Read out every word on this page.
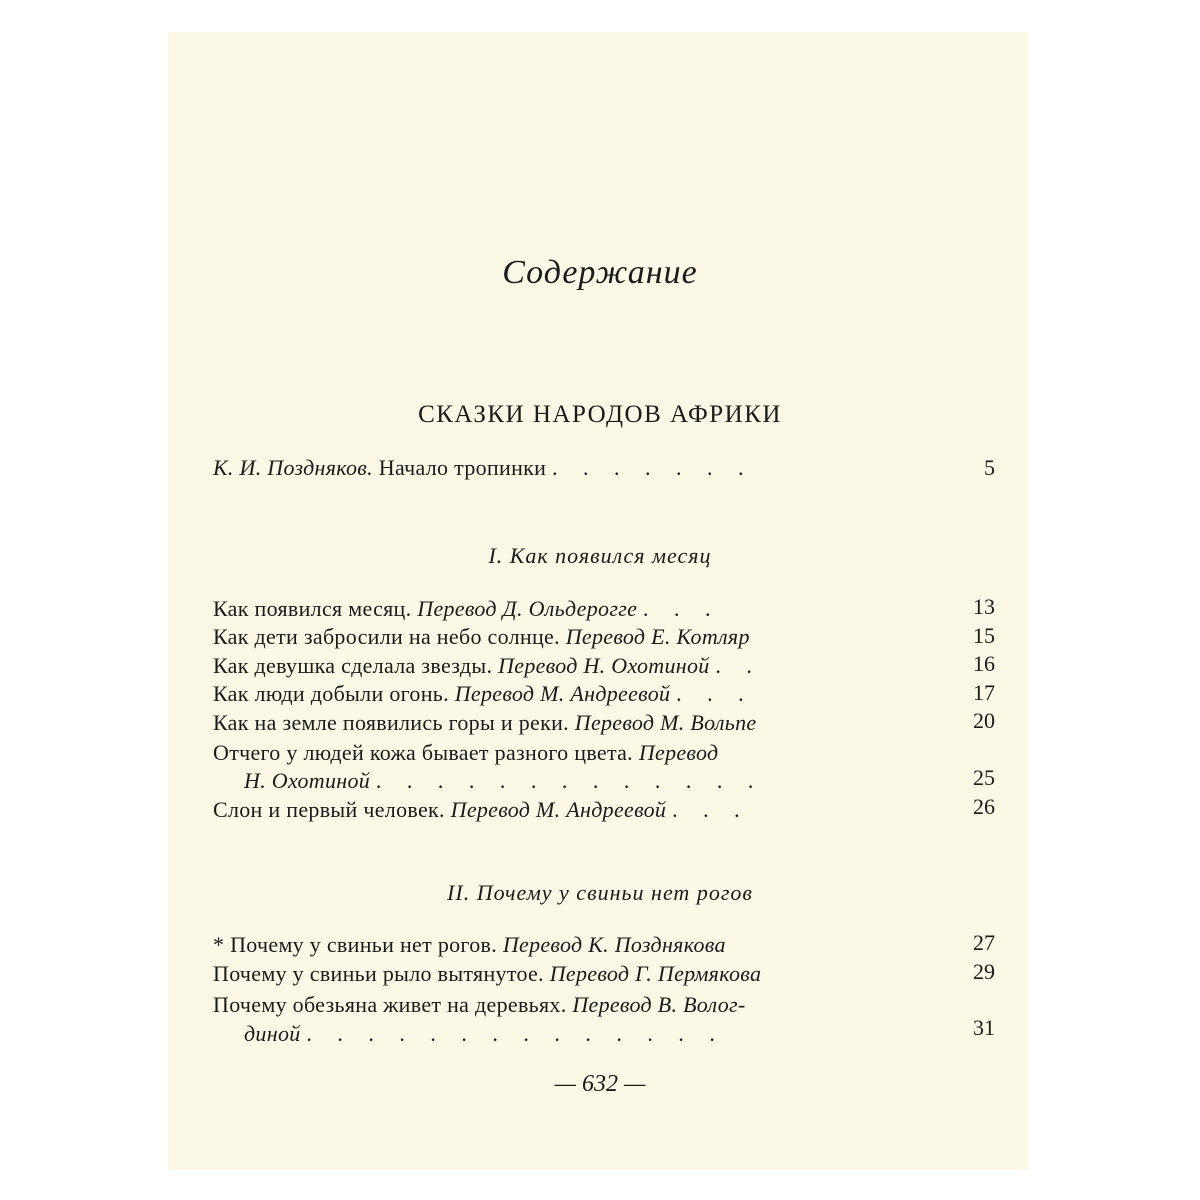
Содержание
СКАЗКИ НАРОДОВ АФРИКИ
К. И. Поздняков. Начало тропинки . . . . . . .	5
I. Как появился месяц
Как появился месяц. Перевод Д. Ольдерогге . . .	13
Как дети забросили на небо солнце. Перевод Е. Котляр	15
Как девушка сделала звезды. Перевод Н. Охотиной . .	16
Как люди добыли огонь. Перевод М. Андреевой . . .	17
Как на земле появились горы и реки. Перевод М. Вольпе	20
Отчего у людей кожа бывает разного цвета. Перевод
Н. Охотиной . . . . . . . . . . . . .	25
Слон и первый человек. Перевод М. Андреевой . . .	26
II. Почему у свиньи нет рогов
* Почему у свиньи нет рогов. Перевод К. Позднякова	27
Почему у свиньи рыло вытянутое. Перевод Г. Пермякова	29
Почему обезьяна живет на деревьях. Перевод В. Волог-
диной . . . . . . . . . . . . . .	31
— 632 —
